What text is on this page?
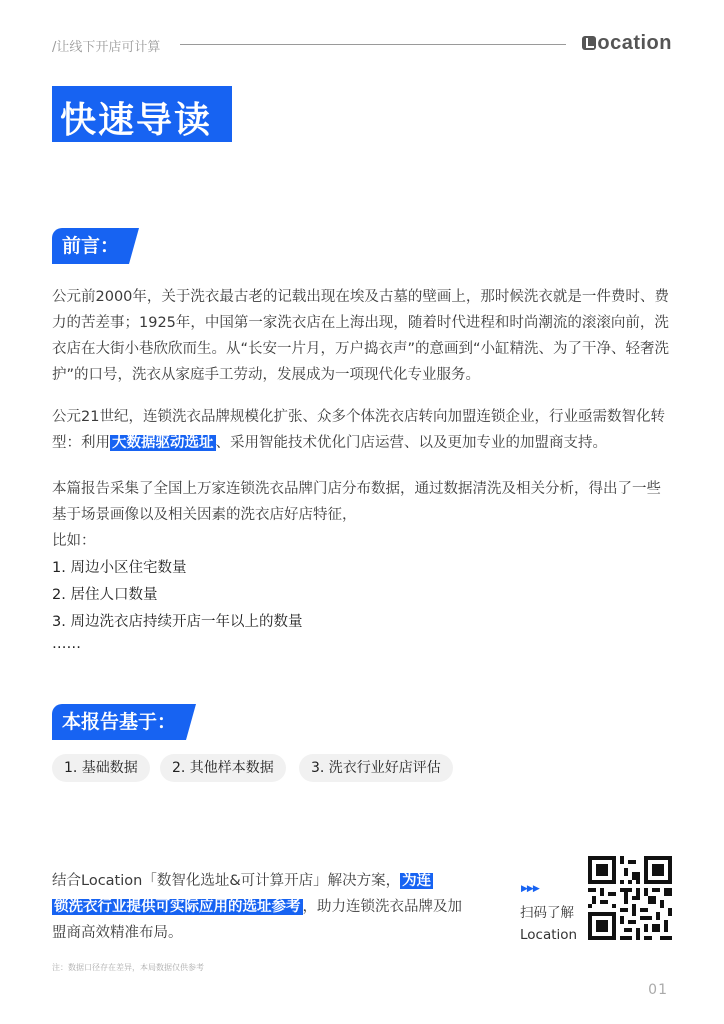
/让线下开店可计算	ocation
快速导读
前言：
公元前2000年，关于洗衣最古老的记载出现在埃及古墓的壁画上，那时候洗衣就是一件费时、费力的苦差事；1925年，中国第一家洗衣店在上海出现，随着时代进程和时尚潮流的滚滚向前，洗衣店在大街小巷欣欣而生。从“长安一片月，万户捣衣声”的意画到“小缸精洗、为了干净、轻奢洗护”的口号，洗衣从家庭手工劳动，发展成为一项现代化专业服务。
公元21世纪，连锁洗衣品牌规模化扩张、众多个体洗衣店转向加盟连锁企业，行业亟需数智化转型：利用 大数据驱动选址 、采用智能技术优化门店运营、以及更加专业的加盟商支持。
本篇报告采集了全国上万家连锁洗衣品牌门店分布数据，通过数据清洗及相关分析，得出了一些基于场景画像以及相关因素的洗衣店好店特征，
比如：
1. 周边小区住宅数量
2. 居住人口数量
3. 周边洗衣店持续开店一年以上的数量
……
本报告基于：
1. 基础数据	2. 其他样本数据	3. 洗衣行业好店评估
结合Location「数智化选址&可计算开店」解决方案， 为连
锁洗衣行业提供可实际应用的选址参考 ，助力连锁洗衣品牌及加盟商高效精准布局。
▶▶▶
扫码了解
Location
注：数据口径存在差异，本局数据仅供参考
01
